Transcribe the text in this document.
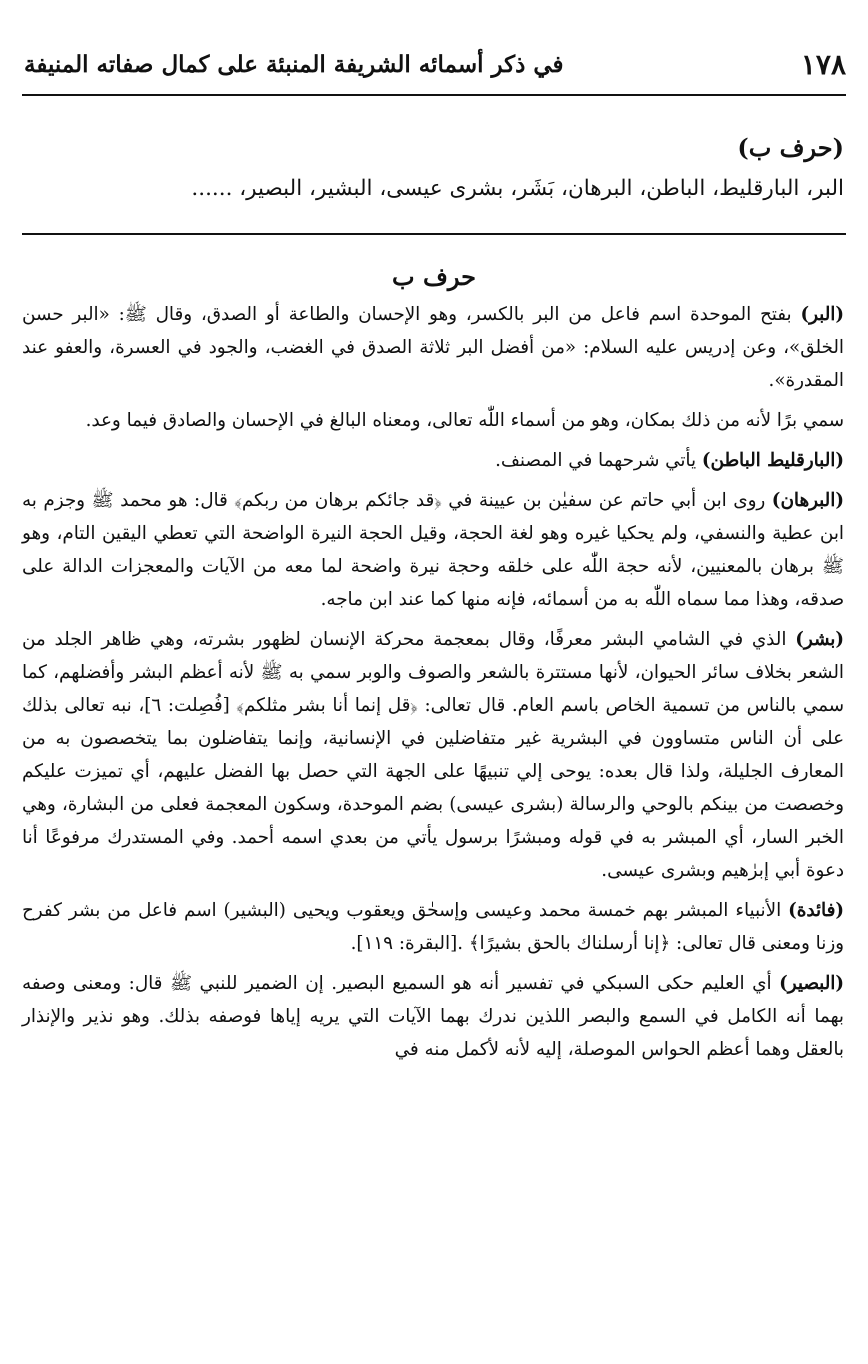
١٧٨
في ذكر أسمائه الشريفة المنبئة على كمال صفاته المنيفة
(حرف ب)
البر، البارقليط، الباطن، البرهان، بَشَر، بشرى عيسى، البشير، البصير، ......
حرف ب

(البر) بفتح الموحدة اسم فاعل من البر بالكسر، وهو الإحسان والطاعة أو الصدق، وقال ﷺ: «البر حسن الخلق»، وعن إدريس عليه السلام: «من أفضل البر ثلاثة الصدق في الغضب، والجود في العسرة، والعفو عند المقدرة».

سمي برًا لأنه من ذلك بمكان، وهو من أسماء اللّٰه تعالى، ومعناه البالغ في الإحسان والصادق فيما وعد.

(البارقليط الباطن) يأتي شرحهما في المصنف.

(البرهان) روى ابن أبي حاتم عن سفيٰن بن عيينة في ﴿قد جائكم برهان من ربكم﴾ قال: هو محمد ﷺ وجزم به ابن عطية والنسفي، ولم يحكيا غيره وهو لغة الحجة، وقيل الحجة النيرة الواضحة التي تعطي اليقين التام، وهو ﷺ برهان بالمعنيين، لأنه حجة اللّٰه على خلقه وحجة نيرة واضحة لما معه من الآيات والمعجزات الدالة على صدقه، وهذا مما سماه اللّٰه به من أسمائه، فإنه منها كما عند ابن ماجه.

(بشر) الذي في الشامي البشر معرفًا، وقال بمعجمة محركة الإنسان لظهور بشرته، وهي ظاهر الجلد من الشعر بخلاف سائر الحيوان، لأنها مستترة بالشعر والصوف والوبر سمي به ﷺ لأنه أعظم البشر وأفضلهم، كما سمي بالناس من تسمية الخاص باسم العام. قال تعالى: ﴿قل إنما أنا بشر مثلكم﴾ [فُصِلت: ٦]، نبه تعالى بذلك على أن الناس متساوون في البشرية غير متفاضلين في الإنسانية، وإنما يتفاضلون بما يتخصصون به من المعارف الجليلة، ولذا قال بعده: يوحى إلي تنبيهًا على الجهة التي حصل بها الفضل عليهم، أي تميزت عليكم وخصصت من بينكم بالوحي والرسالة (بشرى عيسى) بضم الموحدة، وسكون المعجمة فعلى من البشارة، وهي الخبر السار، أي المبشر به في قوله ومبشرًا برسول يأتي من بعدي اسمه أحمد. وفي المستدرك مرفوعًا أنا دعوة أبي إبرٰهيم وبشرى عيسى.

(فائدة) الأنبياء المبشر بهم خمسة محمد وعيسى وإسحٰق ويعقوب ويحيى (البشير) اسم فاعل من بشر كفرح وزنا ومعنى قال تعالى: ﴿إنا أرسلناك بالحق بشيرًا﴾ .[البقرة: ١١٩].

(البصير) أي العليم حكى السبكي في تفسير أنه هو السميع البصير. إن الضمير للنبي ﷺ قال: ومعنى وصفه بهما أنه الكامل في السمع والبصر اللذين ندرك بهما الآيات التي يريه إياها فوصفه بذلك. وهو نذير والإنذار بالعقل وهما أعظم الحواس الموصلة، إليه لأنه لأكمل منه في
